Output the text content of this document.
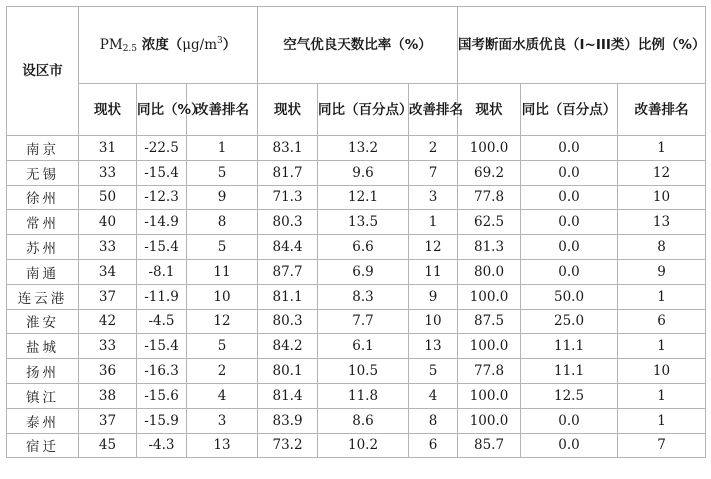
设区市	PM2.5 浓度$(\mu g/m^3)$			空气优良天数比率（%）			国考断面水质优良（Ⅰ~III类）比例（%）		
	现状	同比（%）	改善排名	现状	同比（百分点）	改善排名	现状	同比（百分点）	改善排名
南京	31	-22.5	1	83.1	13.2	2	100.0	0.0	1
无锡	33	-15.4	5	81.7	9.6	7	69.2	0.0	12
徐州	50	-12.3	9	71.3	12.1	3	77.8	0.0	10
常州	40	-14.9	8	80.3	13.5	1	62.5	0.0	13
苏州	33	-15.4	5	84.4	6.6	12	81.3	0.0	8
南通	34	-8.1	11	87.7	6.9	11	80.0	0.0	9
连云港	37	-11.9	10	81.1	8.3	9	100.0	50.0	1
淮安	42	-4.5	12	80.3	7.7	10	87.5	25.0	6
盐城	33	-15.4	5	84.2	6.1	13	100.0	11.1	1
扬州	36	-16.3	2	80.1	10.5	5	77.8	11.1	10
镇江	38	-15.6	4	81.4	11.8	4	100.0	12.5	1
泰州	37	-15.9	3	83.9	8.6	8	100.0	0.0	1
宿迁	45	-4.3	13	73.2	10.2	6	85.7	0.0	7
